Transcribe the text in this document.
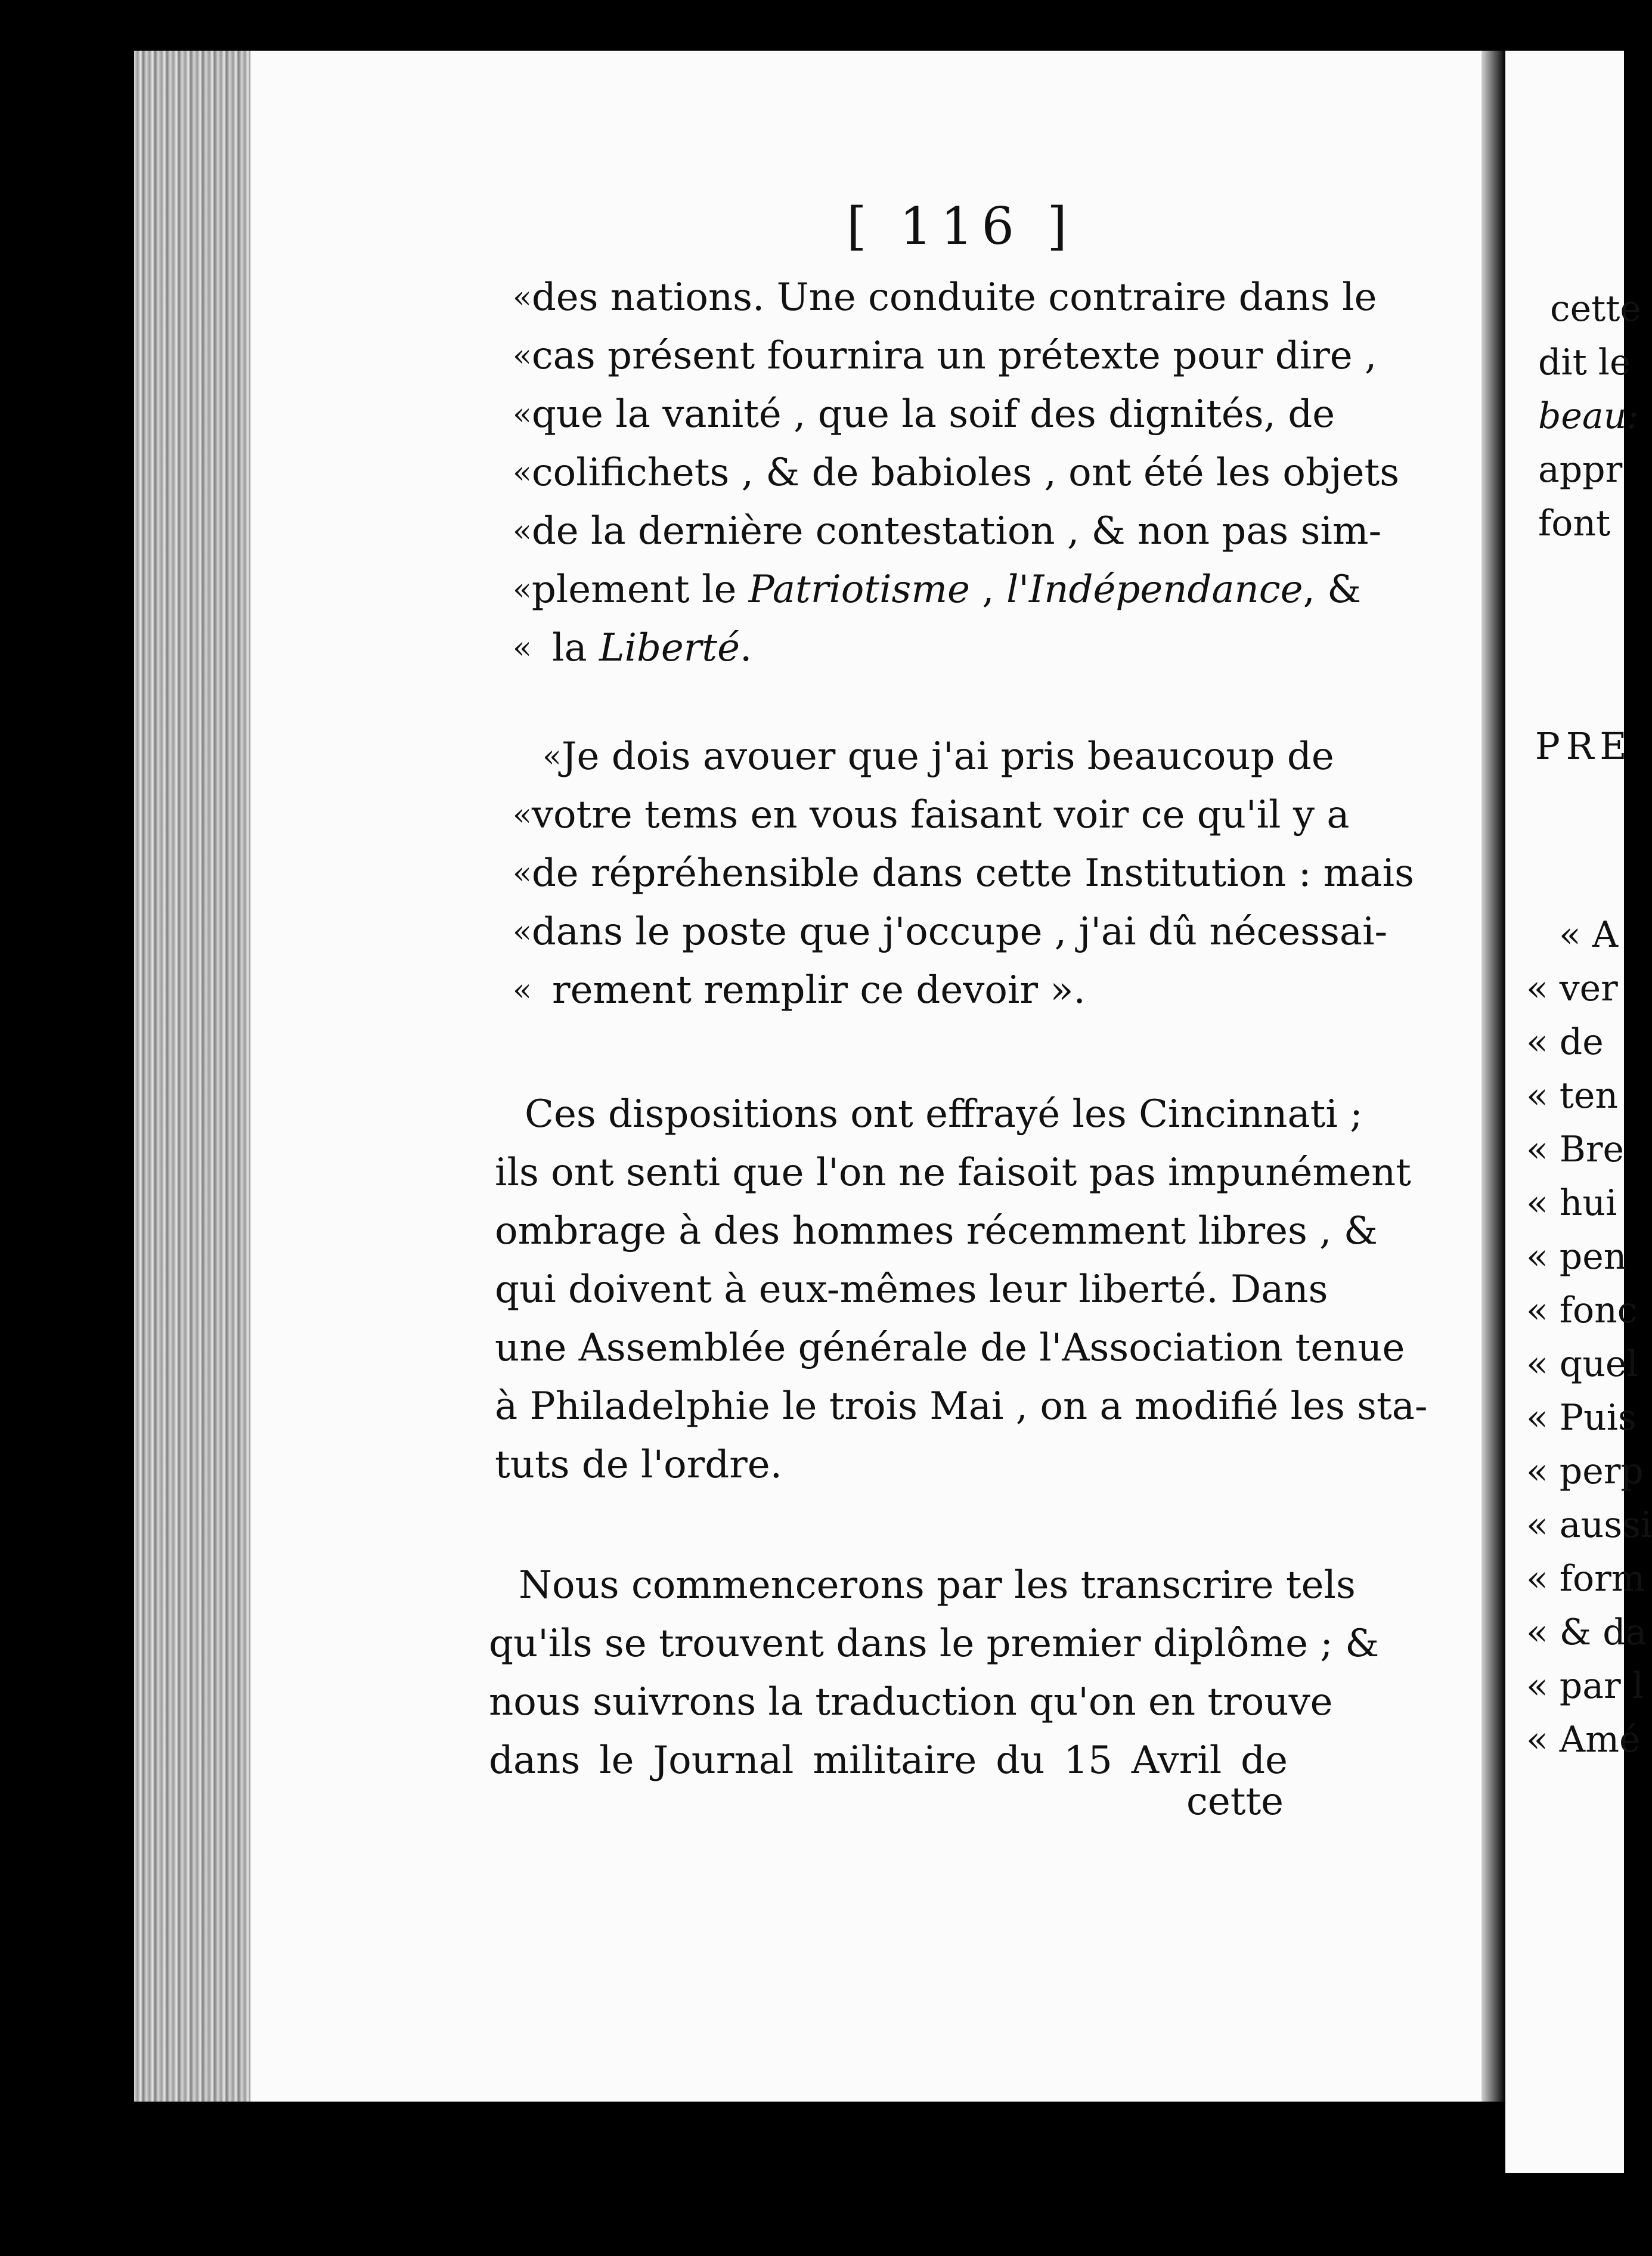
[ 116 ]
« des nations. Une conduite contraire dans le
« cas présent fournira un prétexte pour dire ,
« que la vanité , que la soif des dignités, de
« colifichets , & de babioles , ont été les objets
« de la dernière contestation , & non pas sim-
« plement le Patriotisme , l'Indépendance, &
« la Liberté.
« Je dois avouer que j'ai pris beaucoup de
« votre tems en vous faisant voir ce qu'il y a
« de répréhensible dans cette Institution : mais
« dans le poste que j'occupe , j'ai dû nécessai-
« rement remplir ce devoir ».
Ces dispositions ont effrayé les Cincinnati ;
ils ont senti que l'on ne faisoit pas impunément
ombrage à des hommes récemment libres , &
qui doivent à eux-mêmes leur liberté. Dans
une Assemblée générale de l'Association tenue
à Philadelphie le trois Mai , on a modifié les sta-
tuts de l'ordre.
Nous commencerons par les transcrire tels
qu'ils se trouvent dans le premier diplôme ; &
nous suivrons la traduction qu'on en trouve
dans le Journal militaire du 15 Avril de
cette
cette
dit le
beau:
appr
font
PRE
« A
« ver
« de
« ten
« Bre
« hui
« pen
« fonc
« quel
« Puis
« perp
« aussi
« form
« & da
« par l
« Amé
